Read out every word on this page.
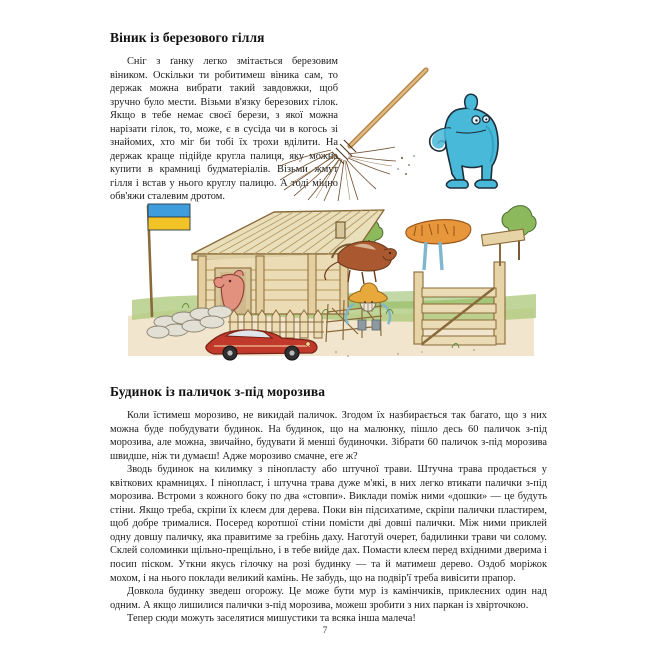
Віник із березового гілля

Сніг з ґанку легко змітається березовим віником. Оскільки ти робитимеш віника сам, то держак можна вибрати такий завдовжки, щоб зручно було мести. Візьми в'язку березових гілок. Якщо в тебе немає своєї берези, з якої можна нарізати гілок, то, може, є в сусіда чи в когось зі знайомих, хто міг би тобі їх трохи вділити. На держак краще підійде кругла палиця, яку можна купити в крамниці будматеріалів. Візьми жмут гілля і встав у нього круглу палицю. А тоді міцно обв'яжи сталевим дротом.

Будинок із паличок з-під морозива

Коли їстимеш морозиво, не викидай паличок. Згодом їх назбирається так багато, що з них можна буде побудувати будинок. На будинок, що на малюнку, пішло десь 60 паличок з-під морозива, але можна, звичайно, будувати й менші будиночки. Зібрати 60 паличок з-під морозива швидше, ніж ти думаєш! Адже морозиво смачне, еге ж?

Зводь будинок на килимку з пінопласту або штучної трави. Штучна трава продається у квіткових крамницях. І пінопласт, і штучна трава дуже м'які, в них легко втикати палички з-під морозива. Встроми з кожного боку по два «стовпи». Виклади поміж ними «дошки» — це будуть стіни. Якщо треба, скріпи їх клеєм для дерева. Поки він підсихатиме, скріпи палички пластирем, щоб добре трималися. Посеред коротшої стіни помісти дві довші палички. Між ними приклей одну довшу паличку, яка правитиме за гребінь даху. Наготуй очерет, бадилинки трави чи солому. Склей соломинки щільно-прещільно, і в тебе вийде дах. Помасти клеєм перед вхідними дверима і посип піском. Уткни якусь гілочку на розі будинку — та й матимеш дерево. Оздоб моріжок мохом, і на нього поклади великий камінь. Не забудь, що на подвір'ї треба вивісити прапор.

Довкола будинку зведеш огорожу. Це може бути мур із камінчиків, приклеєних один над одним. А якщо лишилися палички з-під морозива, можеш зробити з них паркан із хвірточкою.

Тепер сюди можуть заселятися мишустики та всяка інша малеча!

7
